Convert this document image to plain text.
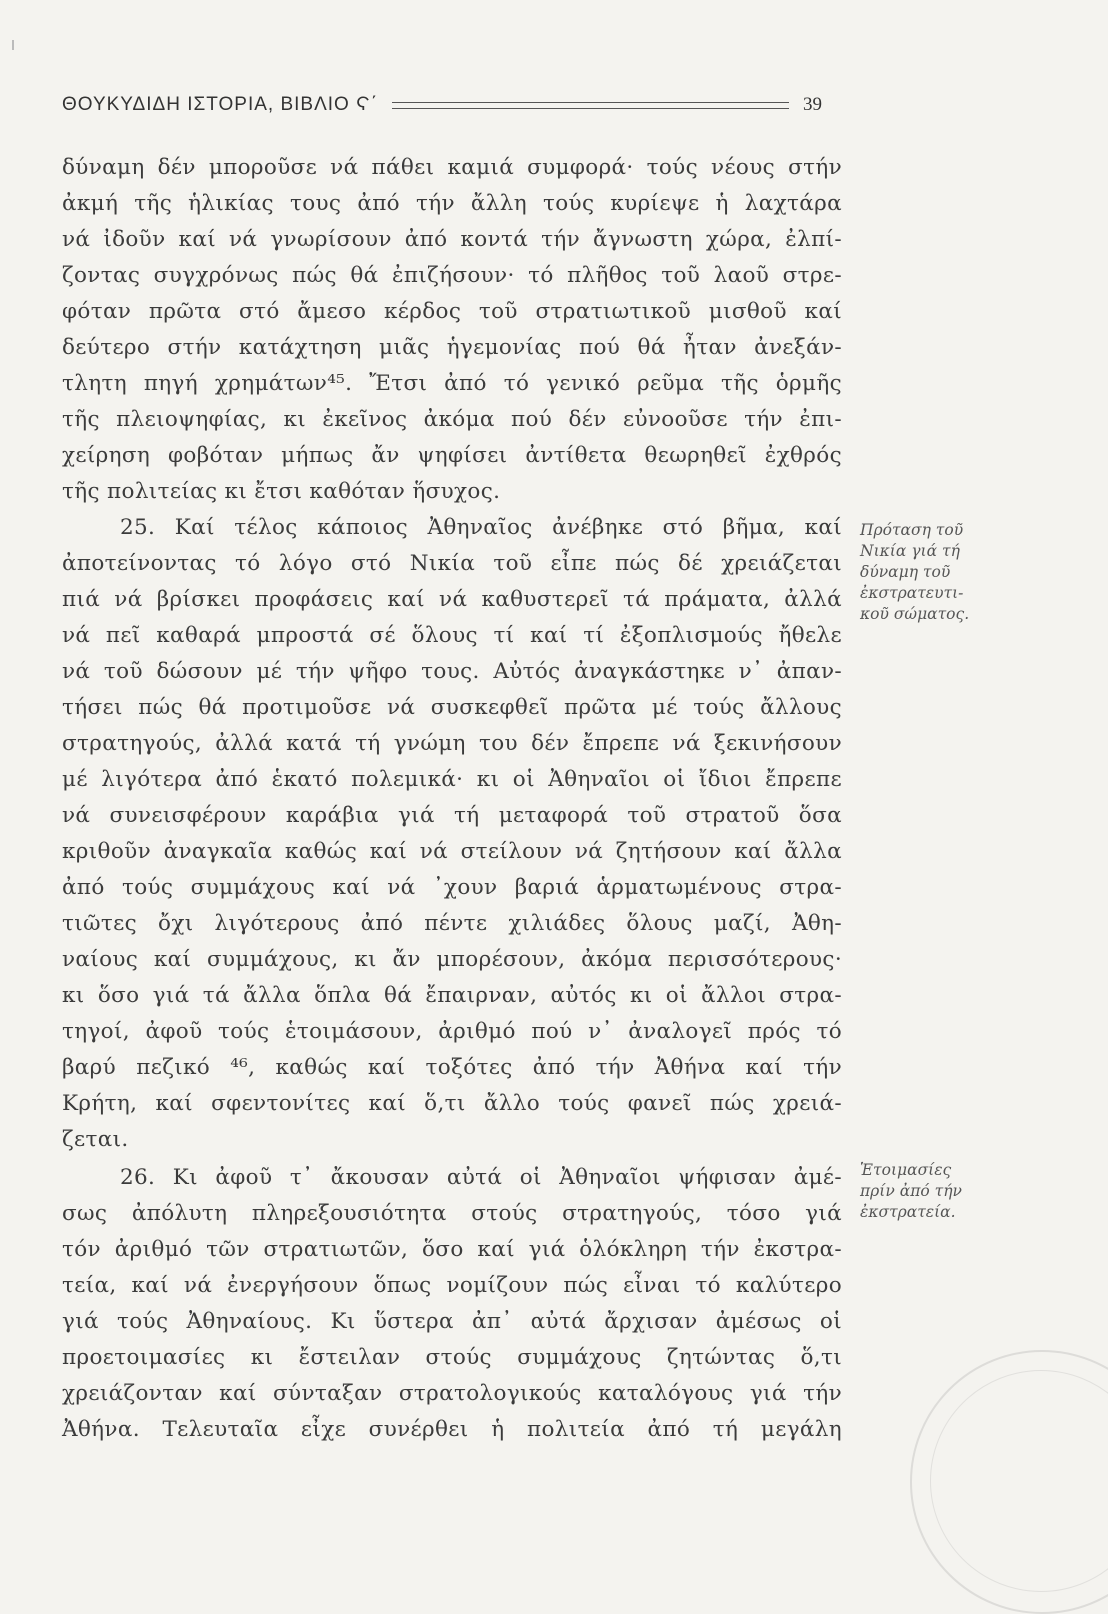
ΘΟΥΚΥΔΙΔΗ ΙΣΤΟΡΙΑ, ΒΙΒΛΙΟ Ϛ΄	39
δύναμη δέν μποροῦσε νά πάθει καμιά συμφορά· τούς νέους στήν
ἀκμή τῆς ἡλικίας τους ἀπό τήν ἄλλη τούς κυρίεψε ἡ λαχτάρα
νά ἰδοῦν καί νά γνωρίσουν ἀπό κοντά τήν ἄγνωστη χώρα, ἐλπί-
ζοντας συγχρόνως πώς θά ἐπιζήσουν· τό πλῆθος τοῦ λαοῦ στρε-
φόταν πρῶτα στό ἄμεσο κέρδος τοῦ στρατιωτικοῦ μισθοῦ καί
δεύτερο στήν κατάχτηση μιᾶς ἡγεμονίας πού θά ἦταν ἀνεξάν-
τλητη πηγή χρημάτων⁴⁵. Ἔτσι ἀπό τό γενικό ρεῦμα τῆς ὁρμῆς
τῆς πλειοψηφίας, κι ἐκεῖνος ἀκόμα πού δέν εὐνοοῦσε τήν ἐπι-
χείρηση φοβόταν μήπως ἄν ψηφίσει ἀντίθετα θεωρηθεῖ ἐχθρός
τῆς πολιτείας κι ἔτσι καθόταν ἥσυχος.
25. Καί τέλος κάποιος Ἀθηναῖος ἀνέβηκε στό βῆμα, καί
ἀποτείνοντας τό λόγο στό Νικία τοῦ εἶπε πώς δέ χρειάζεται
πιά νά βρίσκει προφάσεις καί νά καθυστερεῖ τά πράματα, ἀλλά
νά πεῖ καθαρά μπροστά σέ ὅλους τί καί τί ἐξοπλισμούς ἤθελε
νά τοῦ δώσουν μέ τήν ψῆφο τους. Αὐτός ἀναγκάστηκε ν᾽ ἀπαν-
τήσει πώς θά προτιμοῦσε νά συσκεφθεῖ πρῶτα μέ τούς ἄλλους
στρατηγούς, ἀλλά κατά τή γνώμη του δέν ἔπρεπε νά ξεκινήσουν
μέ λιγότερα ἀπό ἑκατό πολεμικά· κι οἱ Ἀθηναῖοι οἱ ἴδιοι ἔπρεπε
νά συνεισφέρουν καράβια γιά τή μεταφορά τοῦ στρατοῦ ὅσα
κριθοῦν ἀναγκαῖα καθώς καί νά στείλουν νά ζητήσουν καί ἄλλα
ἀπό τούς συμμάχους καί νά ᾽χουν βαριά ἁρματωμένους στρα-
τιῶτες ὄχι λιγότερους ἀπό πέντε χιλιάδες ὅλους μαζί, Ἀθη-
ναίους καί συμμάχους, κι ἄν μπορέσουν, ἀκόμα περισσότερους·
κι ὅσο γιά τά ἄλλα ὅπλα θά ἔπαιρναν, αὐτός κι οἱ ἄλλοι στρα-
τηγοί, ἀφοῦ τούς ἑτοιμάσουν, ἀριθμό πού ν᾽ ἀναλογεῖ πρός τό
βαρύ πεζικό ⁴⁶, καθώς καί τοξότες ἀπό τήν Ἀθήνα καί τήν
Κρήτη, καί σφεντονίτες καί ὅ,τι ἄλλο τούς φανεῖ πώς χρειά-
ζεται.
26. Κι ἀφοῦ τ᾽ ἄκουσαν αὐτά οἱ Ἀθηναῖοι ψήφισαν ἀμέ-
σως ἀπόλυτη πληρεξουσιότητα στούς στρατηγούς, τόσο γιά
τόν ἀριθμό τῶν στρατιωτῶν, ὅσο καί γιά ὁλόκληρη τήν ἐκστρα-
τεία, καί νά ἐνεργήσουν ὅπως νομίζουν πώς εἶναι τό καλύτερο
γιά τούς Ἀθηναίους. Κι ὕστερα ἀπ᾽ αὐτά ἄρχισαν ἀμέσως οἱ
προετοιμασίες κι ἔστειλαν στούς συμμάχους ζητώντας ὅ,τι
χρειάζονταν καί σύνταξαν στρατολογικούς καταλόγους γιά τήν
Ἀθήνα. Τελευταῖα εἶχε συνέρθει ἡ πολιτεία ἀπό τή μεγάλη
Πρόταση τοῦ
Νικία γιά τή
δύναμη τοῦ
ἐκστρατευτι-
κοῦ σώματος.
Ἑτοιμασίες
πρίν ἀπό τήν
ἐκστρατεία.
